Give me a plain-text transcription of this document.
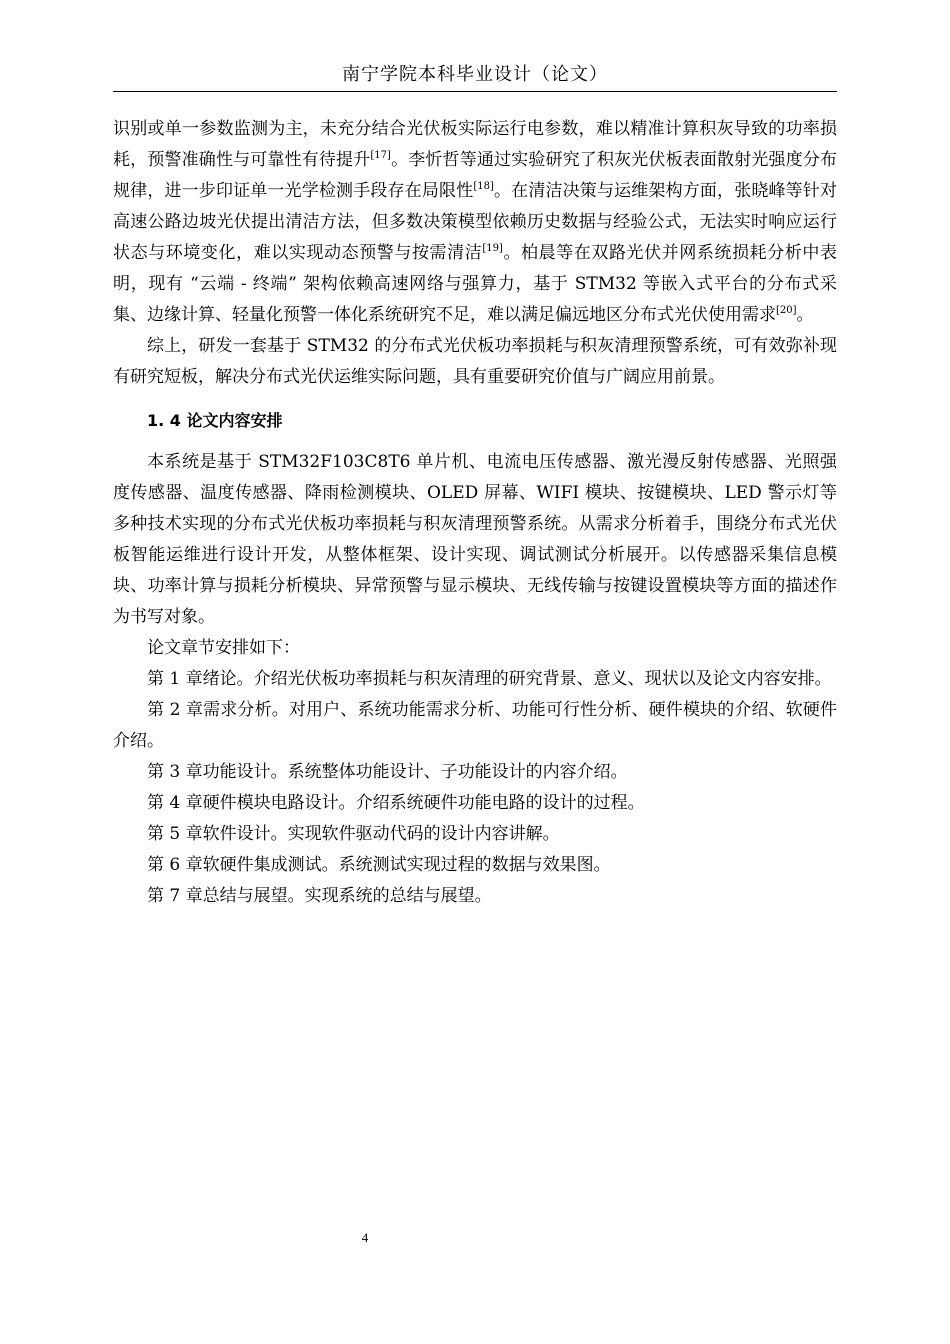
南宁学院本科毕业设计（论文）

识别或单一参数监测为主，未充分结合光伏板实际运行电参数，难以精准计算积灰导致的功率损耗，预警准确性与可靠性有待提升[17]。李忻哲等通过实验研究了积灰光伏板表面散射光强度分布规律，进一步印证单一光学检测手段存在局限性[18]。在清洁决策与运维架构方面，张晓峰等针对高速公路边坡光伏提出清洁方法，但多数决策模型依赖历史数据与经验公式，无法实时响应运行状态与环境变化，难以实现动态预警与按需清洁[19]。柏晨等在双路光伏并网系统损耗分析中表明，现有 “云端 - 终端” 架构依赖高速网络与强算力，基于 STM32 等嵌入式平台的分布式采集、边缘计算、轻量化预警一体化系统研究不足，难以满足偏远地区分布式光伏使用需求[20]。

综上，研发一套基于 STM32 的分布式光伏板功率损耗与积灰清理预警系统，可有效弥补现有研究短板，解决分布式光伏运维实际问题，具有重要研究价值与广阔应用前景。

1. 4 论文内容安排

本系统是基于 STM32F103C8T6 单片机、电流电压传感器、激光漫反射传感器、光照强度传感器、温度传感器、降雨检测模块、OLED 屏幕、WIFI 模块、按键模块、LED 警示灯等多种技术实现的分布式光伏板功率损耗与积灰清理预警系统。从需求分析着手，围绕分布式光伏板智能运维进行设计开发，从整体框架、设计实现、调试测试分析展开。以传感器采集信息模块、功率计算与损耗分析模块、异常预警与显示模块、无线传输与按键设置模块等方面的描述作为书写对象。

论文章节安排如下：

第 1 章绪论。介绍光伏板功率损耗与积灰清理的研究背景、意义、现状以及论文内容安排。

第 2 章需求分析。对用户、系统功能需求分析、功能可行性分析、硬件模块的介绍、软硬件介绍。

第 3 章功能设计。系统整体功能设计、子功能设计的内容介绍。

第 4 章硬件模块电路设计。介绍系统硬件功能电路的设计的过程。

第 5 章软件设计。实现软件驱动代码的设计内容讲解。

第 6 章软硬件集成测试。系统测试实现过程的数据与效果图。

第 7 章总结与展望。实现系统的总结与展望。

4
